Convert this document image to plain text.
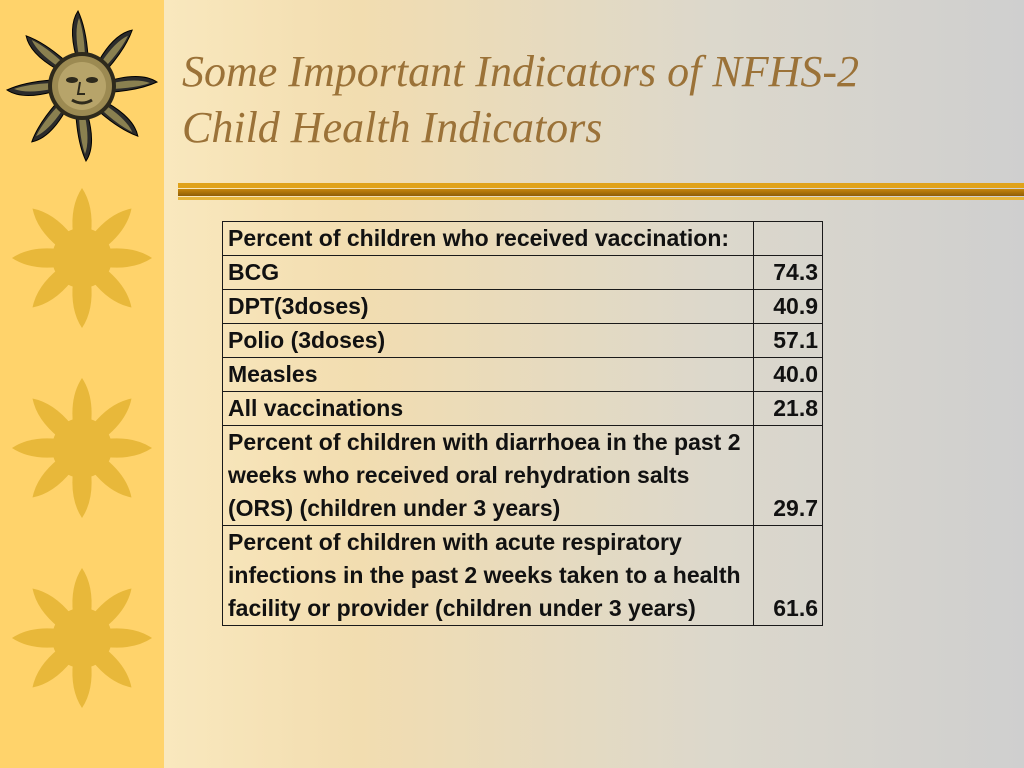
Some Important Indicators of NFHS-2
Child Health Indicators
Percent of children who received vaccination:	
BCG	74.3
DPT(3doses)	40.9
Polio (3doses)	57.1
Measles	40.0
All vaccinations	21.8
Percent of children with diarrhoea in the past 2 weeks who received oral rehydration salts (ORS) (children under 3 years)	29.7
Percent of children with acute respiratory infections in the past 2 weeks taken to a health facility or provider (children under 3 years)	61.6
